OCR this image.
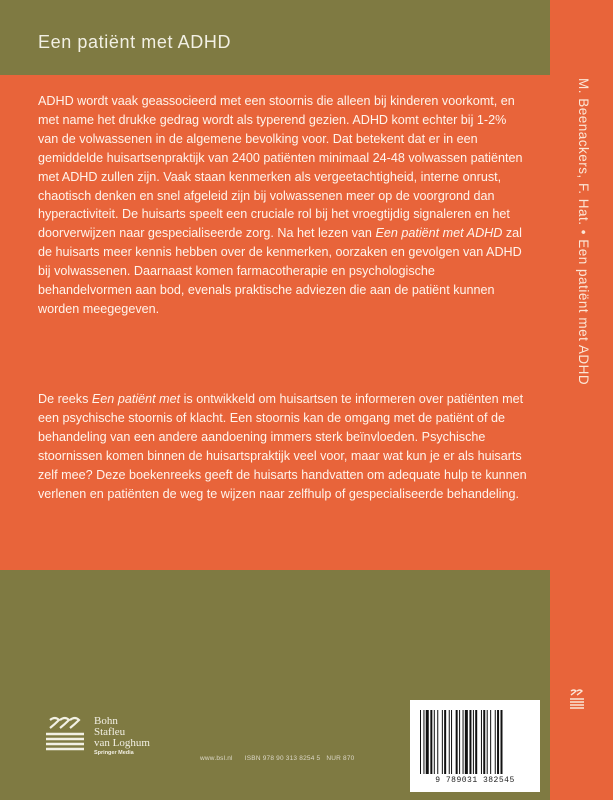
Een patiënt met ADHD
ADHD wordt vaak geassocieerd met een stoornis die alleen bij kinderen voorkomt, en met name het drukke gedrag wordt als typerend gezien. ADHD komt echter bij 1-2% van de volwassenen in de algemene bevolking voor. Dat betekent dat er in een gemiddelde huisartsenpraktijk van 2400 patiënten minimaal 24-48 volwassen patiënten met ADHD zullen zijn. Vaak staan kenmerken als vergeetachtigheid, interne onrust, chaotisch denken en snel afgeleid zijn bij volwassenen meer op de voorgrond dan hyperactiviteit. De huisarts speelt een cruciale rol bij het vroegtijdig signaleren en het doorverwijzen naar gespecialiseerde zorg. Na het lezen van Een patiënt met ADHD zal de huisarts meer kennis hebben over de kenmerken, oorzaken en gevolgen van ADHD bij volwassenen. Daarnaast komen farmacotherapie en psychologische behandelvormen aan bod, evenals praktische adviezen die aan de patiënt kunnen worden meegegeven.
De reeks Een patiënt met is ontwikkeld om huisartsen te informeren over patiënten met een psychische stoornis of klacht. Een stoornis kan de omgang met de patiënt of de behandeling van een andere aandoening immers sterk beïnvloeden. Psychische stoornissen komen binnen de huisartspraktijk veel voor, maar wat kun je er als huisarts zelf mee? Deze boekenreeks geeft de huisarts handvatten om adequate hulp te kunnen verlenen en patiënten de weg te wijzen naar zelfhulp of gespecialiseerde behandeling.
Bohn
Stafleu
van Loghum
Springer Media
www.bsl.nl      ISBN 978 90 313 8254 5   NUR 870
9 789031 382545
M. Beenackers, F. Hat. • Een patiënt met ADHD
